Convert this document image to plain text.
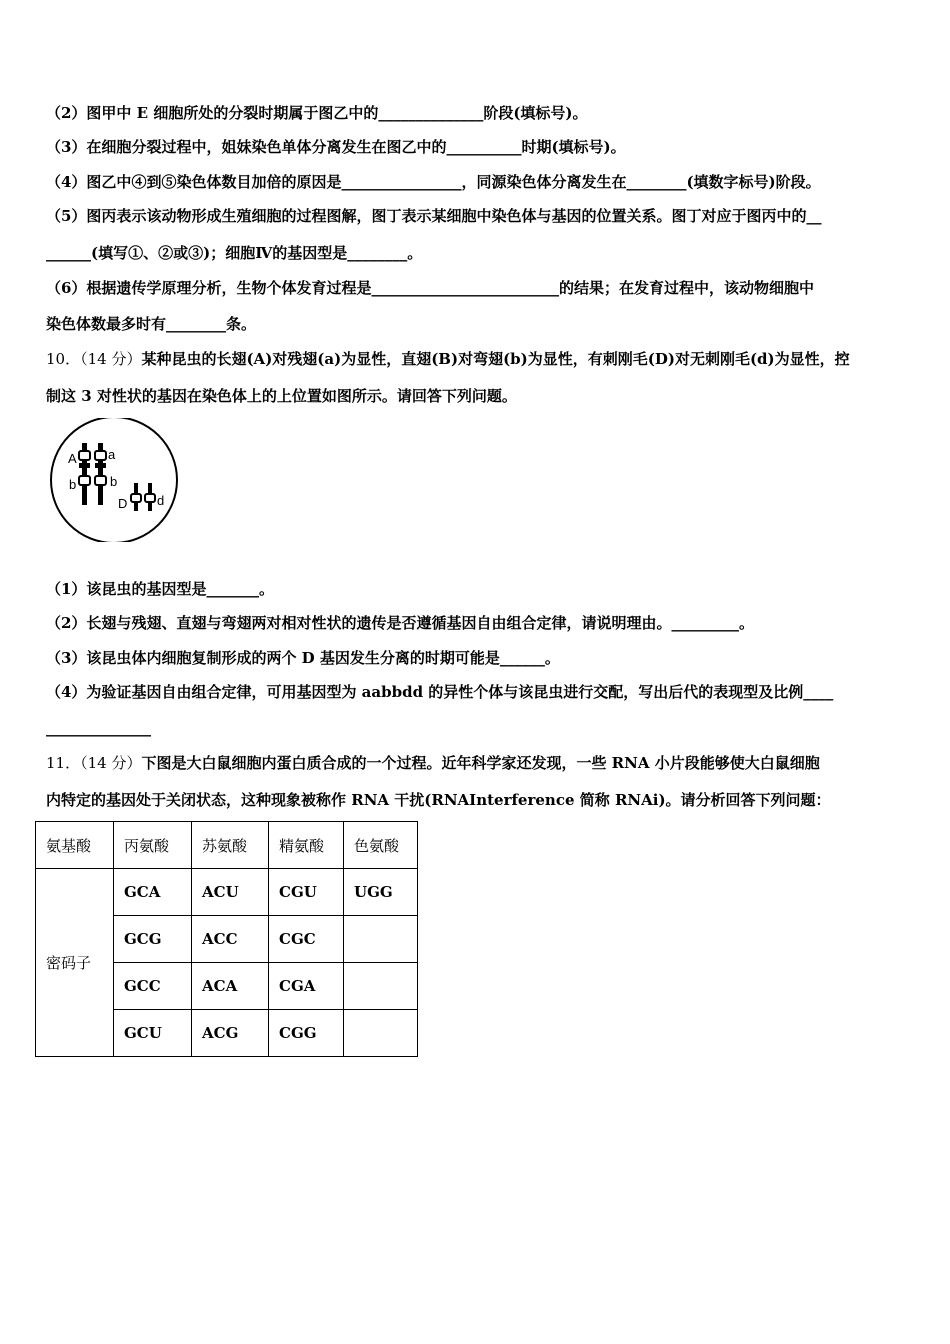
（2）图甲中 E 细胞所处的分裂时期属于图乙中的______________阶段(填标号)。
（3）在细胞分裂过程中，姐妹染色单体分离发生在图乙中的__________时期(填标号)。
（4）图乙中④到⑤染色体数目加倍的原因是________________，同源染色体分离发生在________(填数字标号)阶段。
（5）图丙表示该动物形成生殖细胞的过程图解，图丁表示某细胞中染色体与基因的位置关系。图丁对应于图丙中的__
______(填写①、②或③)；细胞Ⅳ的基因型是________。
（6）根据遗传学原理分析，生物个体发育过程是_________________________的结果；在发育过程中，该动物细胞中
染色体数最多时有________条。
10．（14 分）某种昆虫的长翅(A)对残翅(a)为显性，直翅(B)对弯翅(b)为显性，有刺刚毛(D)对无刺刚毛(d)为显性，控
制这 3 对性状的基因在染色体上的上位置如图所示。请回答下列问题。
（1）该昆虫的基因型是_______。
（2）长翅与残翅、直翅与弯翅两对相对性状的遗传是否遵循基因自由组合定律，请说明理由。_________。
（3）该昆虫体内细胞复制形成的两个 D 基因发生分离的时期可能是______。
（4）为验证基因自由组合定律，可用基因型为 aabbdd 的异性个体与该昆虫进行交配，写出后代的表现型及比例____
______________
11．（14 分）下图是大白鼠细胞内蛋白质合成的一个过程。近年科学家还发现，一些 RNA 小片段能够使大白鼠细胞
内特定的基因处于关闭状态，这种现象被称作 RNA 干扰(RNAInterference 简称 RNAi)。请分析回答下列问题：
A a
b	b
D d
氨基酸	丙氨酸	苏氨酸	精氨酸	色氨酸
密码子	GCA	ACU	CGU	UGG
	GCG	ACC	CGC	
	GCC	ACA	CGA	
	GCU	ACG	CGG	
